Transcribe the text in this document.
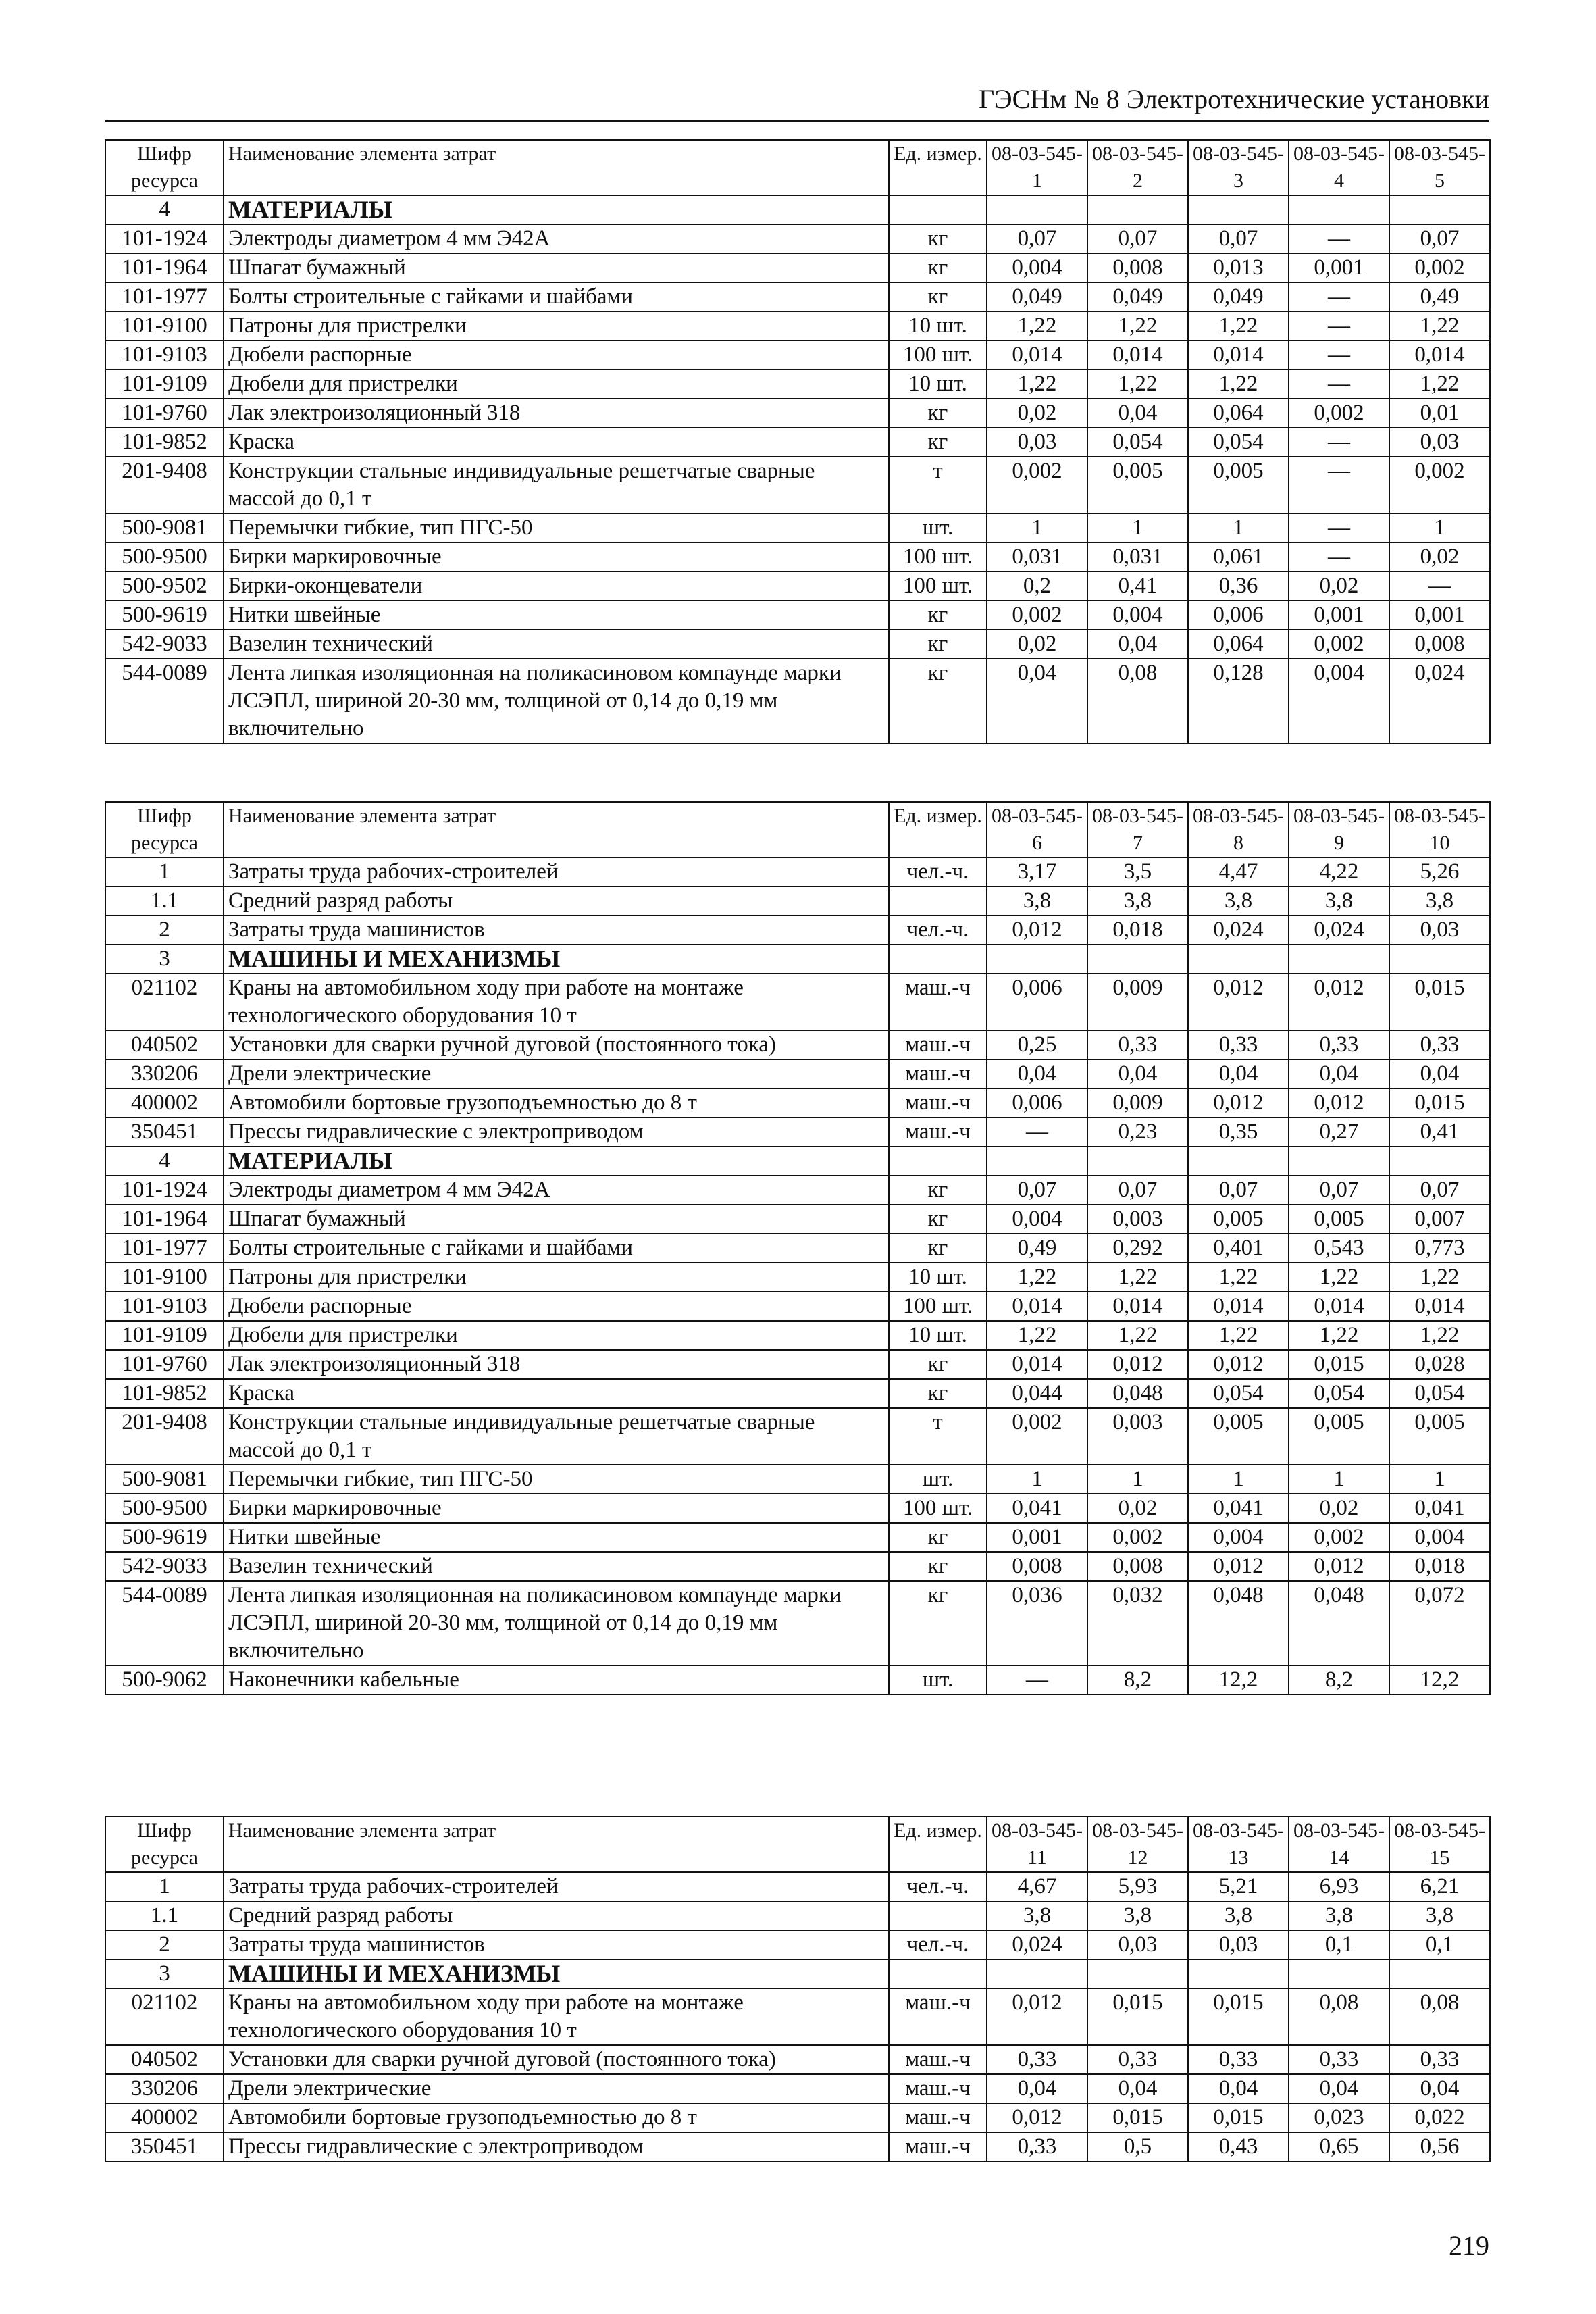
ГЭСНм № 8 Электротехнические установки
Шифр ресурса	Наименование элемента затрат	Ед. измер.	08-03-545-1	08-03-545-2	08-03-545-3	08-03-545-4	08-03-545-5
4	МАТЕРИАЛЫ						
101-1924	Электроды диаметром 4 мм Э42А	кг	0,07	0,07	0,07	—	0,07
101-1964	Шпагат бумажный	кг	0,004	0,008	0,013	0,001	0,002
101-1977	Болты строительные с гайками и шайбами	кг	0,049	0,049	0,049	—	0,49
101-9100	Патроны для пристрелки	10 шт.	1,22	1,22	1,22	—	1,22
101-9103	Дюбели распорные	100 шт.	0,014	0,014	0,014	—	0,014
101-9109	Дюбели для пристрелки	10 шт.	1,22	1,22	1,22	—	1,22
101-9760	Лак электроизоляционный 318	кг	0,02	0,04	0,064	0,002	0,01
101-9852	Краска	кг	0,03	0,054	0,054	—	0,03
201-9408	Конструкции стальные индивидуальные решетчатые сварные массой до 0,1 т	т	0,002	0,005	0,005	—	0,002
500-9081	Перемычки гибкие, тип ПГС-50	шт.	1	1	1	—	1
500-9500	Бирки маркировочные	100 шт.	0,031	0,031	0,061	—	0,02
500-9502	Бирки-оконцеватели	100 шт.	0,2	0,41	0,36	0,02	—
500-9619	Нитки швейные	кг	0,002	0,004	0,006	0,001	0,001
542-9033	Вазелин технический	кг	0,02	0,04	0,064	0,002	0,008
544-0089	Лента липкая изоляционная на поликасиновом компаунде марки ЛСЭПЛ, шириной 20-30 мм, толщиной от 0,14 до 0,19 мм включительно	кг	0,04	0,08	0,128	0,004	0,024
Шифр ресурса	Наименование элемента затрат	Ед. измер.	08-03-545-6	08-03-545-7	08-03-545-8	08-03-545-9	08-03-545-10
1	Затраты труда рабочих-строителей	чел.-ч.	3,17	3,5	4,47	4,22	5,26
1.1	Средний разряд работы		3,8	3,8	3,8	3,8	3,8
2	Затраты труда машинистов	чел.-ч.	0,012	0,018	0,024	0,024	0,03
3	МАШИНЫ И МЕХАНИЗМЫ						
021102	Краны на автомобильном ходу при работе на монтаже технологического оборудования 10 т	маш.-ч	0,006	0,009	0,012	0,012	0,015
040502	Установки для сварки ручной дуговой (постоянного тока)	маш.-ч	0,25	0,33	0,33	0,33	0,33
330206	Дрели электрические	маш.-ч	0,04	0,04	0,04	0,04	0,04
400002	Автомобили бортовые грузоподъемностью до 8 т	маш.-ч	0,006	0,009	0,012	0,012	0,015
350451	Прессы гидравлические с электроприводом	маш.-ч	—	0,23	0,35	0,27	0,41
4	МАТЕРИАЛЫ						
101-1924	Электроды диаметром 4 мм Э42А	кг	0,07	0,07	0,07	0,07	0,07
101-1964	Шпагат бумажный	кг	0,004	0,003	0,005	0,005	0,007
101-1977	Болты строительные с гайками и шайбами	кг	0,49	0,292	0,401	0,543	0,773
101-9100	Патроны для пристрелки	10 шт.	1,22	1,22	1,22	1,22	1,22
101-9103	Дюбели распорные	100 шт.	0,014	0,014	0,014	0,014	0,014
101-9109	Дюбели для пристрелки	10 шт.	1,22	1,22	1,22	1,22	1,22
101-9760	Лак электроизоляционный 318	кг	0,014	0,012	0,012	0,015	0,028
101-9852	Краска	кг	0,044	0,048	0,054	0,054	0,054
201-9408	Конструкции стальные индивидуальные решетчатые сварные массой до 0,1 т	т	0,002	0,003	0,005	0,005	0,005
500-9081	Перемычки гибкие, тип ПГС-50	шт.	1	1	1	1	1
500-9500	Бирки маркировочные	100 шт.	0,041	0,02	0,041	0,02	0,041
500-9619	Нитки швейные	кг	0,001	0,002	0,004	0,002	0,004
542-9033	Вазелин технический	кг	0,008	0,008	0,012	0,012	0,018
544-0089	Лента липкая изоляционная на поликасиновом компаунде марки ЛСЭПЛ, шириной 20-30 мм, толщиной от 0,14 до 0,19 мм включительно	кг	0,036	0,032	0,048	0,048	0,072
500-9062	Наконечники кабельные	шт.	—	8,2	12,2	8,2	12,2
Шифр ресурса	Наименование элемента затрат	Ед. измер.	08-03-545-11	08-03-545-12	08-03-545-13	08-03-545-14	08-03-545-15
1	Затраты труда рабочих-строителей	чел.-ч.	4,67	5,93	5,21	6,93	6,21
1.1	Средний разряд работы		3,8	3,8	3,8	3,8	3,8
2	Затраты труда машинистов	чел.-ч.	0,024	0,03	0,03	0,1	0,1
3	МАШИНЫ И МЕХАНИЗМЫ						
021102	Краны на автомобильном ходу при работе на монтаже технологического оборудования 10 т	маш.-ч	0,012	0,015	0,015	0,08	0,08
040502	Установки для сварки ручной дуговой (постоянного тока)	маш.-ч	0,33	0,33	0,33	0,33	0,33
330206	Дрели электрические	маш.-ч	0,04	0,04	0,04	0,04	0,04
400002	Автомобили бортовые грузоподъемностью до 8 т	маш.-ч	0,012	0,015	0,015	0,023	0,022
350451	Прессы гидравлические с электроприводом	маш.-ч	0,33	0,5	0,43	0,65	0,56
219
